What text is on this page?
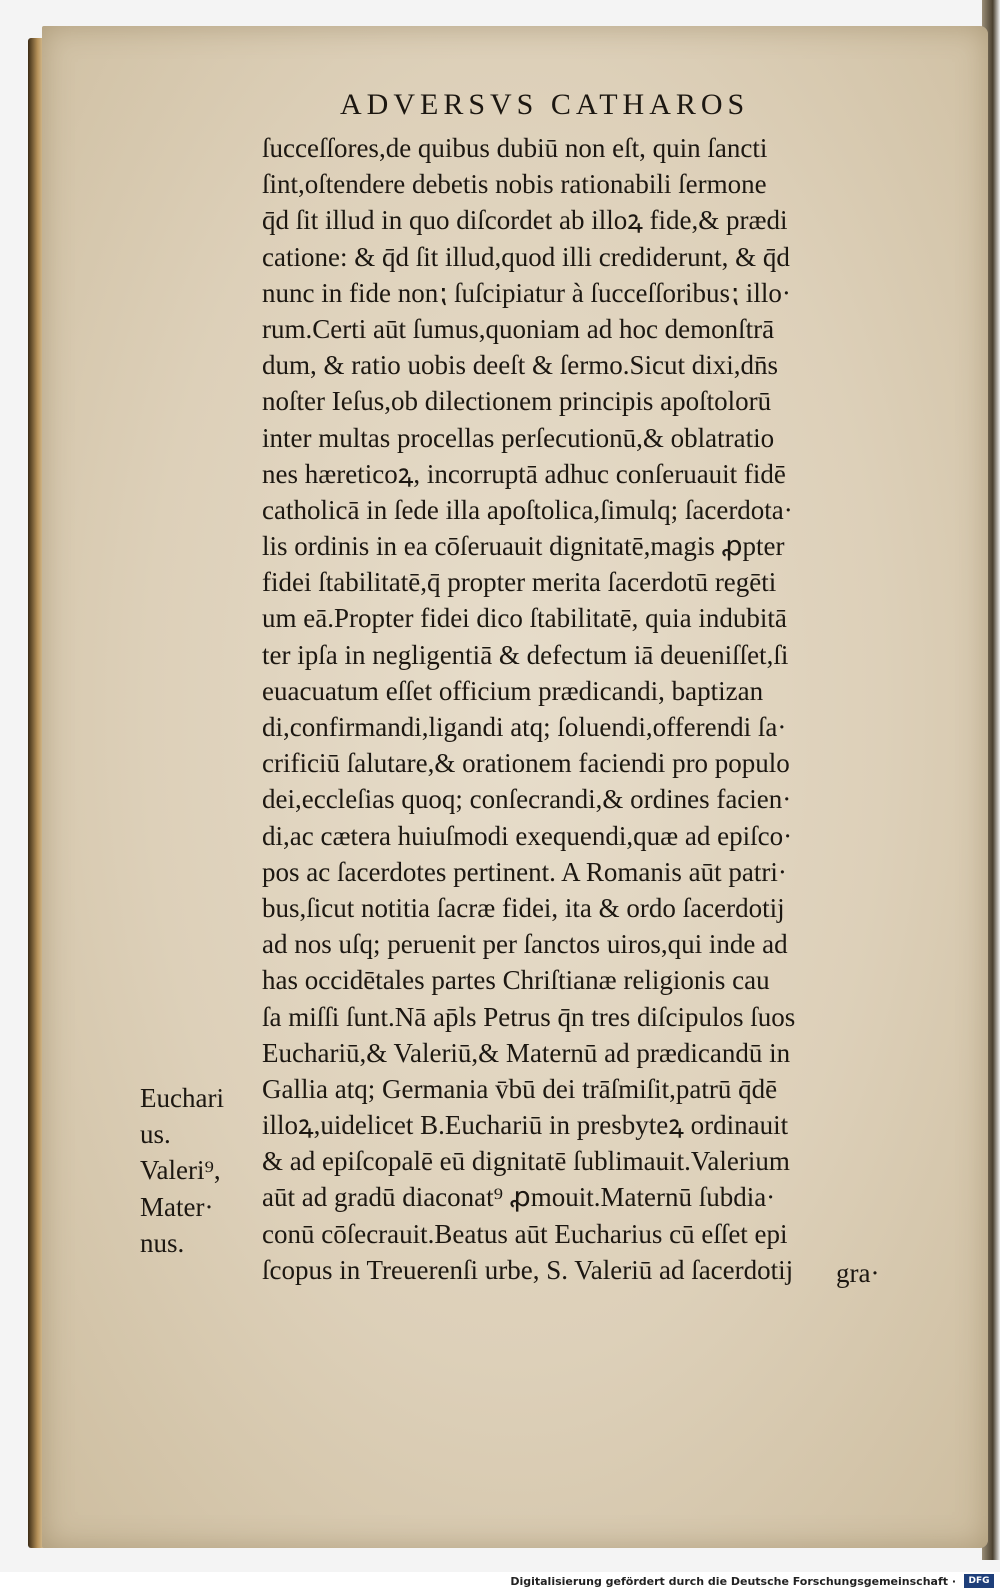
ADVERSVS CATHAROS
ſucceſſores,de quibus dubiū non eſt, quin ſancti
ſint,oſtendere debetis nobis rationabili ſermone
q̄d ſit illud in quo diſcordet ab illoꝝ fide,& prædi
catione: & q̄d ſit illud,quod illi crediderunt, & q̄d
nunc in fide non⁏ ſuſcipiatur à ſucceſſoribus⁏ illo·
rum.Certi aūt ſumus,quoniam ad hoc demonſtrā
dum, & ratio uobis deeſt & ſermo.Sicut dixi,dn̄s
noſter Ieſus,ob dilectionem principis apoſtolorū
inter multas procellas perſecutionū,& oblatratio
nes hæreticoꝝ, incorruptā adhuc conſeruauit fidē
catholicā in ſede illa apoſtolica,ſimulq; ſacerdota·
lis ordinis in ea cōſeruauit dignitatē,magis ꝓpter
fidei ſtabilitatē,q̄ propter merita ſacerdotū regēti
um eā.Propter fidei dico ſtabilitatē, quia indubitā
ter ipſa in negligentiā & defectum iā deueniſſet,ſi
euacuatum eſſet officium prædicandi, baptizan
di,confirmandi,ligandi atq; ſoluendi,offerendi ſa·
crificiū ſalutare,& orationem faciendi pro populo
dei,eccleſias quoq; conſecrandi,& ordines facien·
di,ac cætera huiuſmodi exequendi,quæ ad epiſco·
pos ac ſacerdotes pertinent. A Romanis aūt patri·
bus,ſicut notitia ſacræ fidei, ita & ordo ſacerdotij
ad nos uſq; peruenit per ſanctos uiros,qui inde ad
has occidētales partes Chriſtianæ religionis cau
ſa miſſi ſunt.Nā ap̄ls Petrus q̄n tres diſcipulos ſuos
Euchariū,& Valeriū,& Maternū ad prædicandū in
Gallia atq; Germania v̄bū dei trāſmiſit,patrū q̄dē
illoꝝ,uidelicet B.Euchariū in presbyteꝝ ordinauit
& ad epiſcopalē eū dignitatē ſublimauit.Valerium
aūt ad gradū diaconat⁹ ꝓmouit.Maternū ſubdia·
conū cōſecrauit.Beatus aūt Eucharius cū eſſet epi
ſcopus in Treuerenſi urbe, S. Valeriū ad ſacerdotij
Euchari
us.
Valeri⁹,
Mater·
nus.
gra·
Digitalisierung gefördert durch die Deutsche Forschungsgemeinschaft ·	DFG
